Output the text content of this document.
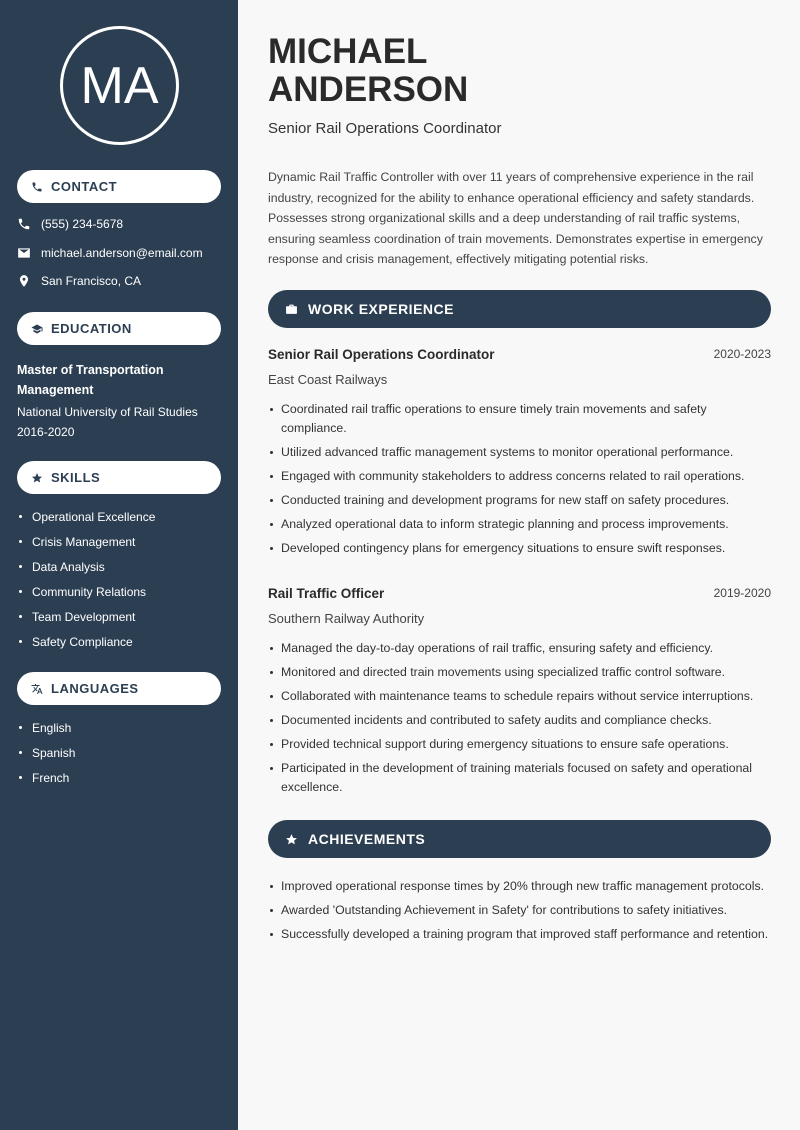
MA
CONTACT
(555) 234-5678
michael.anderson@email.com
San Francisco, CA
EDUCATION
Master of Transportation Management
National University of Rail Studies
2016-2020
SKILLS
Operational Excellence
Crisis Management
Data Analysis
Community Relations
Team Development
Safety Compliance
LANGUAGES
English
Spanish
French
MICHAEL
ANDERSON
Senior Rail Operations Coordinator

Dynamic Rail Traffic Controller with over 11 years of comprehensive experience in the rail industry, recognized for the ability to enhance operational efficiency and safety standards. Possesses strong organizational skills and a deep understanding of rail traffic systems, ensuring seamless coordination of train movements. Demonstrates expertise in emergency response and crisis management, effectively mitigating potential risks.

WORK EXPERIENCE
Senior Rail Operations Coordinator	2020-2023
East Coast Railways
Coordinated rail traffic operations to ensure timely train movements and safety compliance.
Utilized advanced traffic management systems to monitor operational performance.
Engaged with community stakeholders to address concerns related to rail operations.
Conducted training and development programs for new staff on safety procedures.
Analyzed operational data to inform strategic planning and process improvements.
Developed contingency plans for emergency situations to ensure swift responses.
Rail Traffic Officer	2019-2020
Southern Railway Authority
Managed the day-to-day operations of rail traffic, ensuring safety and efficiency.
Monitored and directed train movements using specialized traffic control software.
Collaborated with maintenance teams to schedule repairs without service interruptions.
Documented incidents and contributed to safety audits and compliance checks.
Provided technical support during emergency situations to ensure safe operations.
Participated in the development of training materials focused on safety and operational excellence.
ACHIEVEMENTS
Improved operational response times by 20% through new traffic management protocols.
Awarded 'Outstanding Achievement in Safety' for contributions to safety initiatives.
Successfully developed a training program that improved staff performance and retention.
